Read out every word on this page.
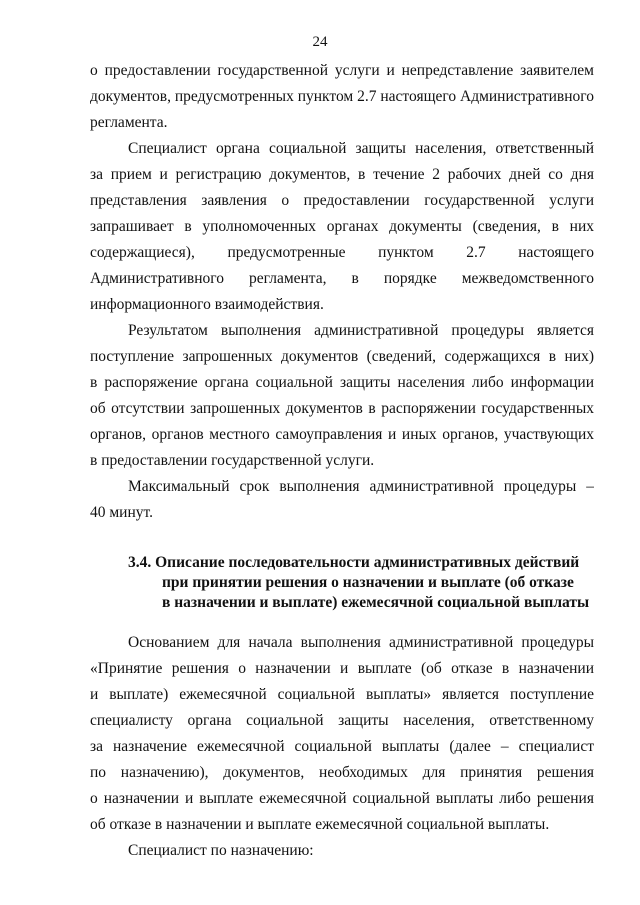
24
о предоставлении государственной услуги и непредставление заявителем
документов, предусмотренных пунктом 2.7 настоящего Административного
регламента.
Специалист органа социальной защиты населения, ответственный
за прием и регистрацию документов, в течение 2 рабочих дней со дня
представления заявления о предоставлении государственной услуги
запрашивает в уполномоченных органах документы (сведения, в них
содержащиеся), предусмотренные пунктом 2.7 настоящего
Административного регламента, в порядке межведомственного
информационного взаимодействия.
Результатом выполнения административной процедуры является
поступление запрошенных документов (сведений, содержащихся в них)
в распоряжение органа социальной защиты населения либо информации
об отсутствии запрошенных документов в распоряжении государственных
органов, органов местного самоуправления и иных органов, участвующих
в предоставлении государственной услуги.
Максимальный срок выполнения административной процедуры –
40 минут.
3.4. Описание последовательности административных действий
при принятии решения о назначении и выплате (об отказе
в назначении и выплате) ежемесячной социальной выплаты
Основанием для начала выполнения административной процедуры
«Принятие решения о назначении и выплате (об отказе в назначении
и выплате) ежемесячной социальной выплаты» является поступление
специалисту органа социальной защиты населения, ответственному
за назначение ежемесячной социальной выплаты (далее – специалист
по назначению), документов, необходимых для принятия решения
о назначении и выплате ежемесячной социальной выплаты либо решения
об отказе в назначении и выплате ежемесячной социальной выплаты.
Специалист по назначению:
